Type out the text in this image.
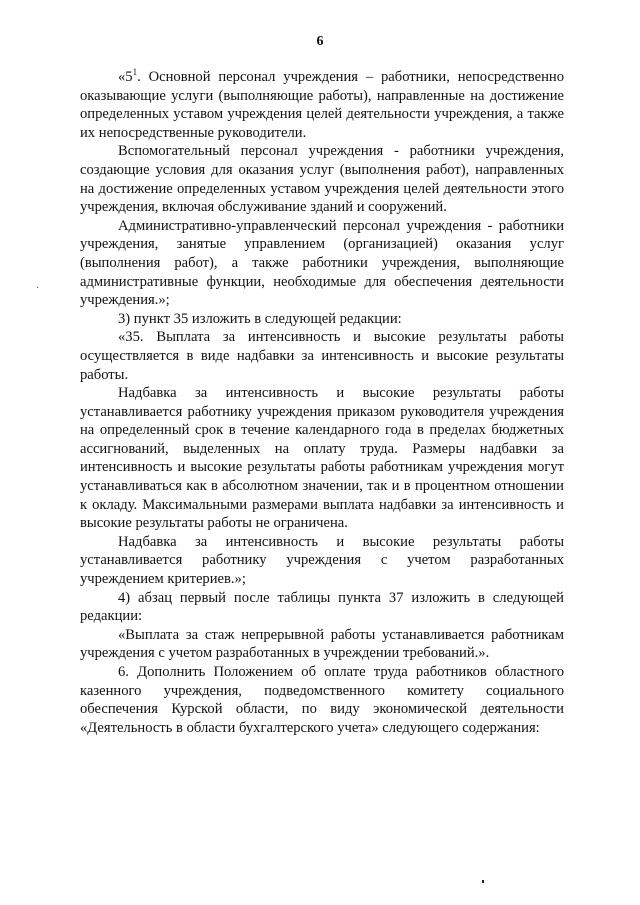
6
·

«$5^1$. Основной персонал учреждения – работники, непосредственно оказывающие услуги (выполняющие работы), направленные на достижение определенных уставом учреждения целей деятельности учреждения, а также их непосредственные руководители.

Вспомогательный персонал учреждения - работники учреждения, создающие условия для оказания услуг (выполнения работ), направленных на достижение определенных уставом учреждения целей деятельности этого учреждения, включая обслуживание зданий и сооружений.

Административно-управленческий персонал учреждения - работники учреждения, занятые управлением (организацией) оказания услуг (выполнения работ), а также работники учреждения, выполняющие административные функции, необходимые для обеспечения деятельности учреждения.»;

3) пункт 35 изложить в следующей редакции:

«35. Выплата за интенсивность и высокие результаты работы осуществляется в виде надбавки за интенсивность и высокие результаты работы.

Надбавка за интенсивность и высокие результаты работы устанавливается работнику учреждения приказом руководителя учреждения на определенный срок в течение календарного года в пределах бюджетных ассигнований, выделенных на оплату труда. Размеры надбавки за интенсивность и высокие результаты работы работникам учреждения могут устанавливаться как в абсолютном значении, так и в процентном отношении к окладу. Максимальными размерами выплата надбавки за интенсивность и высокие результаты работы не ограничена.

Надбавка за интенсивность и высокие результаты работы устанавливается работнику учреждения с учетом разработанных учреждением критериев.»;

4) абзац первый после таблицы пункта 37 изложить в следующей редакции:

«Выплата за стаж непрерывной работы устанавливается работникам учреждения с учетом разработанных в учреждении требований.».

6. Дополнить Положением об оплате труда работников областного казенного учреждения, подведомственного комитету социального обеспечения Курской области, по виду экономической деятельности «Деятельность в области бухгалтерского учета» следующего содержания:
